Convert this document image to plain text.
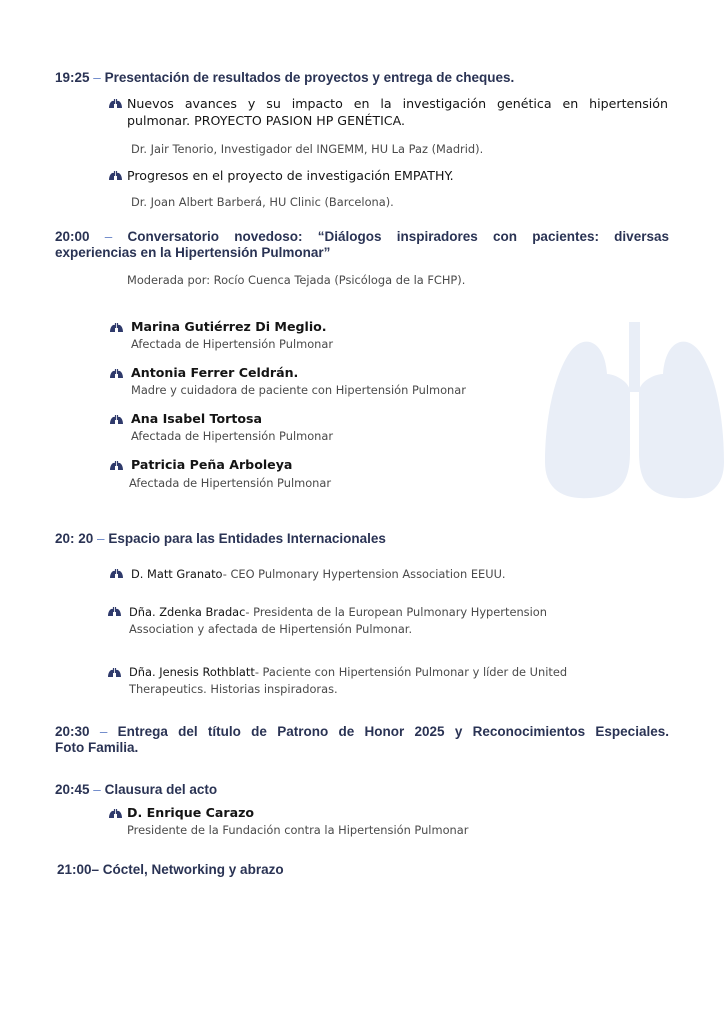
19:25 – Presentación de resultados de proyectos y entrega de cheques.
Nuevos avances y su impacto en la investigación genética en hipertensión
pulmonar. PROYECTO PASION HP GENÉTICA.
Dr. Jair Tenorio, Investigador del INGEMM, HU La Paz (Madrid).
Progresos en el proyecto de investigación EMPATHY.
Dr. Joan Albert Barberá, HU Clinic (Barcelona).
20:00 – Conversatorio novedoso: “Diálogos inspiradores con pacientes: diversas
experiencias en la Hipertensión Pulmonar”
Moderada por: Rocío Cuenca Tejada (Psicóloga de la FCHP).
Marina Gutiérrez Di Meglio.
Afectada de Hipertensión Pulmonar
Antonia Ferrer Celdrán.
Madre y cuidadora de paciente con Hipertensión Pulmonar
Ana Isabel Tortosa
Afectada de Hipertensión Pulmonar
Patricia Peña Arboleya
Afectada de Hipertensión Pulmonar
20: 20 – Espacio para las Entidades Internacionales
D. Matt Granato- CEO Pulmonary Hypertension Association EEUU.
Dña. Zdenka Bradac- Presidenta de la European Pulmonary Hypertension
Association y afectada de Hipertensión Pulmonar.
Dña. Jenesis Rothblatt- Paciente con Hipertensión Pulmonar y líder de United
Therapeutics. Historias inspiradoras.
20:30 – Entrega del título de Patrono de Honor 2025 y Reconocimientos Especiales.
Foto Familia.
20:45 – Clausura del acto
D. Enrique Carazo
Presidente de la Fundación contra la Hipertensión Pulmonar
21:00– Cóctel, Networking y abrazo
